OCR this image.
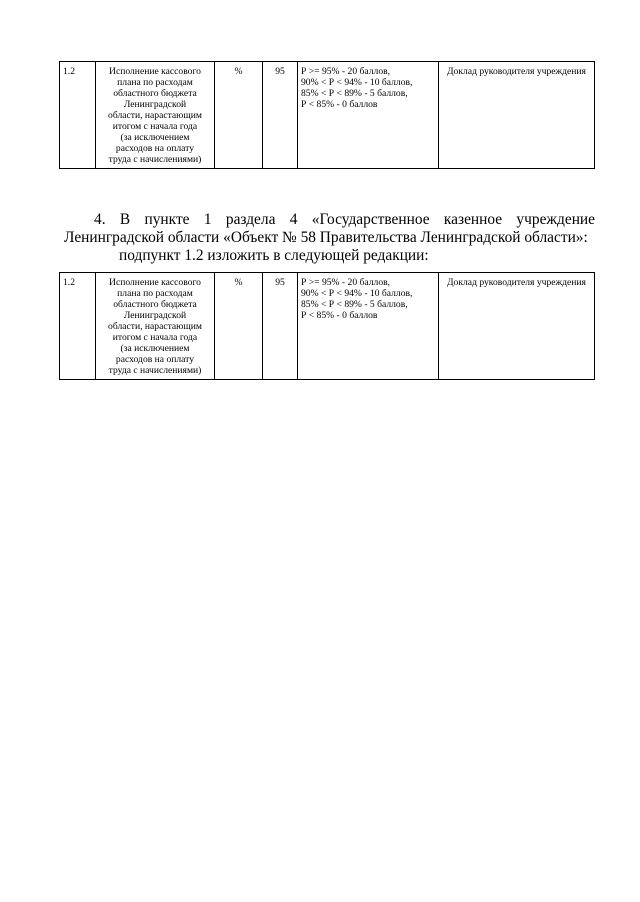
1.2	Исполнение кассового
плана по расходам
областного бюджета
Ленинградской
области, нарастающим
итогом с начала года
(за исключением
расходов на оплату
труда с начислениями)
	%	95	Р >= 95% - 20 баллов,
90% < Р < 94% - 10 баллов,
85% < Р < 89% - 5 баллов,
Р < 85% - 0 баллов
	Доклад руководителя учреждения

4. В пункте 1 раздела 4 «Государственное казенное учреждение

Ленинградской области «Объект № 58 Правительства Ленинградской области»:

подпункт 1.2 изложить в следующей редакции:

1.2	Исполнение кассового
плана по расходам
областного бюджета
Ленинградской
области, нарастающим
итогом с начала года
(за исключением
расходов на оплату
труда с начислениями)
	%	95	Р >= 95% - 20 баллов,
90% < Р < 94% - 10 баллов,
85% < Р < 89% - 5 баллов,
Р < 85% - 0 баллов
	Доклад руководителя учреждения
